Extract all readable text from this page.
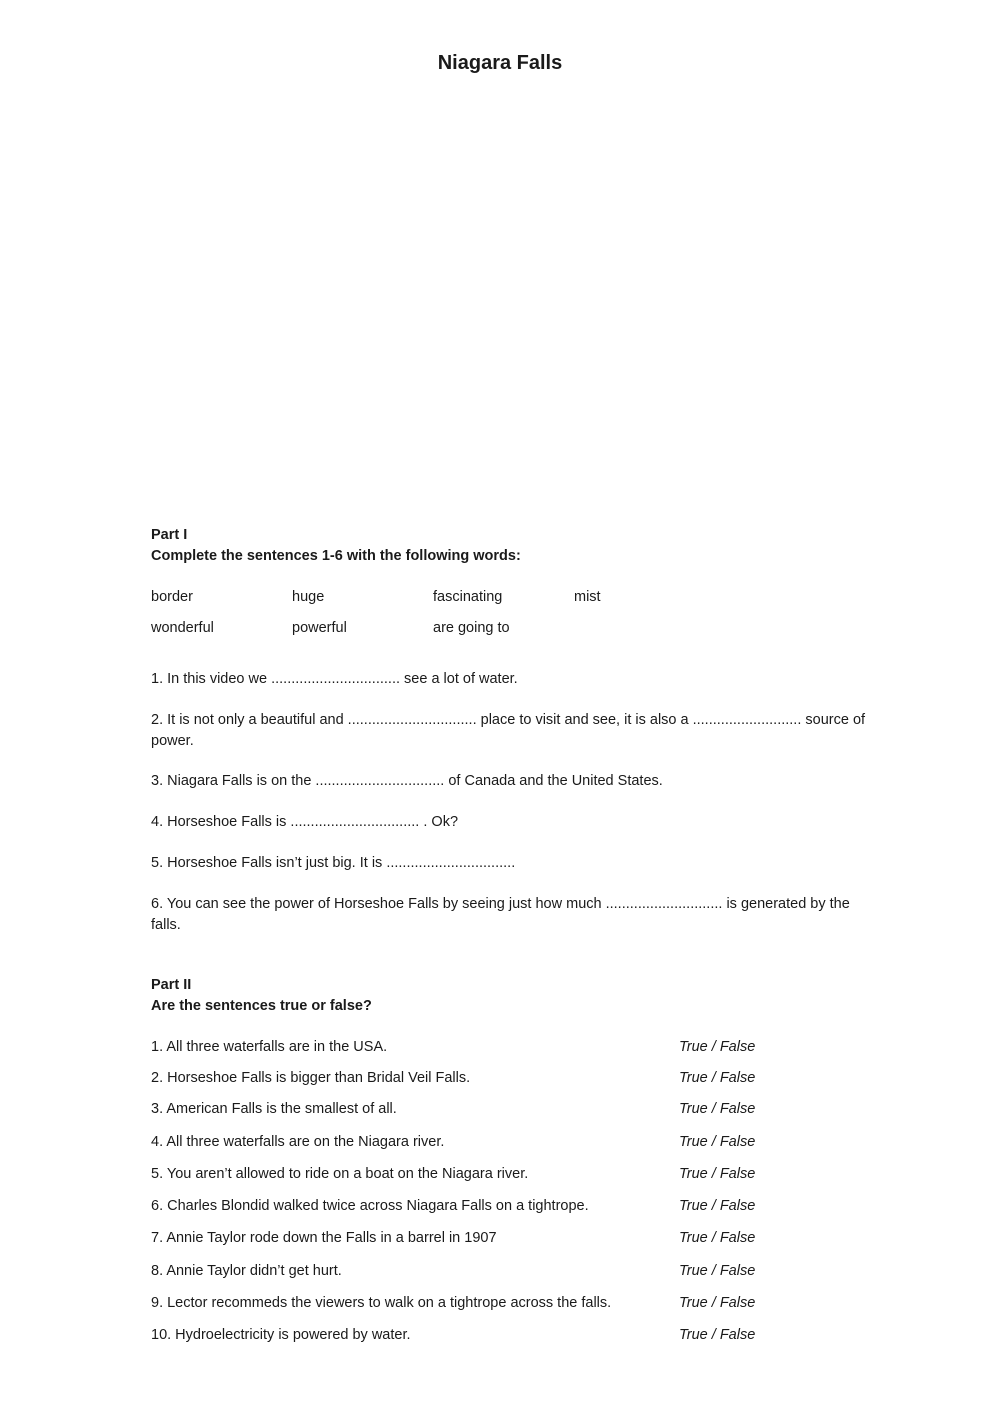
Niagara Falls

Part I

Complete the sentences 1-6 with the following words:

border	huge	fascinating	mist
wonderful	powerful	are going to

1. In this video we ................................ see a lot of water.

2. It is not only a beautiful and ................................ place to visit and see, it is also a ........................... source of power.

3. Niagara Falls is on the ................................ of Canada and the United States.

4. Horseshoe Falls is ................................ . Ok?

5. Horseshoe Falls isn’t just big. It is ................................

6. You can see the power of Horseshoe Falls by seeing just how much ............................. is generated by the falls.

Part II

Are the sentences true or false?

1. All three waterfalls are in the USA.	True / False
2. Horseshoe Falls is bigger than Bridal Veil Falls.	True / False
3. American Falls is the smallest of all.	True / False
4. All three waterfalls are on the Niagara river.	True / False
5. You aren’t allowed to ride on a boat on the Niagara river.	True / False
6. Charles Blondid walked twice across Niagara Falls on a tightrope.	True / False
7. Annie Taylor rode down the Falls in a barrel in 1907	True / False
8. Annie Taylor didn’t get hurt.	True / False
9. Lector recommeds the viewers to walk on a tightrope across the falls.	True / False
10. Hydroelectricity is powered by water.	True / False
